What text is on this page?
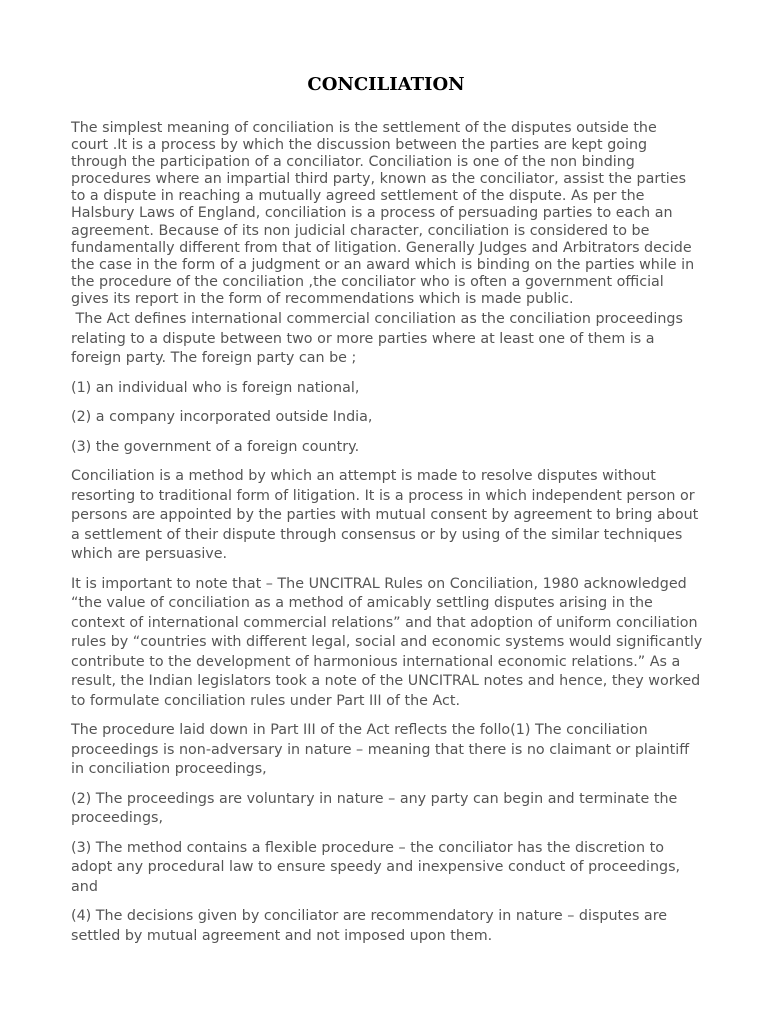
CONCILIATION
The simplest meaning of conciliation is the settlement of the disputes outside the
court .It is a process by which the discussion between the parties are kept going
through the participation of a conciliator. Conciliation is one of the non binding
procedures where an impartial third party, known as the conciliator, assist the parties
to a dispute in reaching a mutually agreed settlement of the dispute. As per the
Halsbury Laws of England, conciliation is a process of persuading parties to each an
agreement. Because of its non judicial character, conciliation is considered to be
fundamentally different from that of litigation. Generally Judges and Arbitrators decide
the case in the form of a judgment or an award which is binding on the parties while in
the procedure of the conciliation ,the conciliator who is often a government official
gives its report in the form of recommendations which is made public.
The Act defines international commercial conciliation as the conciliation proceedings
relating to a dispute between two or more parties where at least one of them is a
foreign party. The foreign party can be ;
(1) an individual who is foreign national,
(2) a company incorporated outside India,
(3) the government of a foreign country.
Conciliation is a method by which an attempt is made to resolve disputes without
resorting to traditional form of litigation. It is a process in which independent person or
persons are appointed by the parties with mutual consent by agreement to bring about
a settlement of their dispute through consensus or by using of the similar techniques
which are persuasive.
It is important to note that – The UNCITRAL Rules on Conciliation, 1980 acknowledged
“the value of conciliation as a method of amicably settling disputes arising in the
context of international commercial relations” and that adoption of uniform conciliation
rules by “countries with different legal, social and economic systems would significantly
contribute to the development of harmonious international economic relations.” As a
result, the Indian legislators took a note of the UNCITRAL notes and hence, they worked
to formulate conciliation rules under Part III of the Act.
The procedure laid down in Part III of the Act reflects the follo(1) The conciliation
proceedings is non-adversary in nature – meaning that there is no claimant or plaintiff
in conciliation proceedings,
(2) The proceedings are voluntary in nature – any party can begin and terminate the
proceedings,
(3) The method contains a flexible procedure – the conciliator has the discretion to
adopt any procedural law to ensure speedy and inexpensive conduct of proceedings,
and
(4) The decisions given by conciliator are recommendatory in nature – disputes are
settled by mutual agreement and not imposed upon them.
